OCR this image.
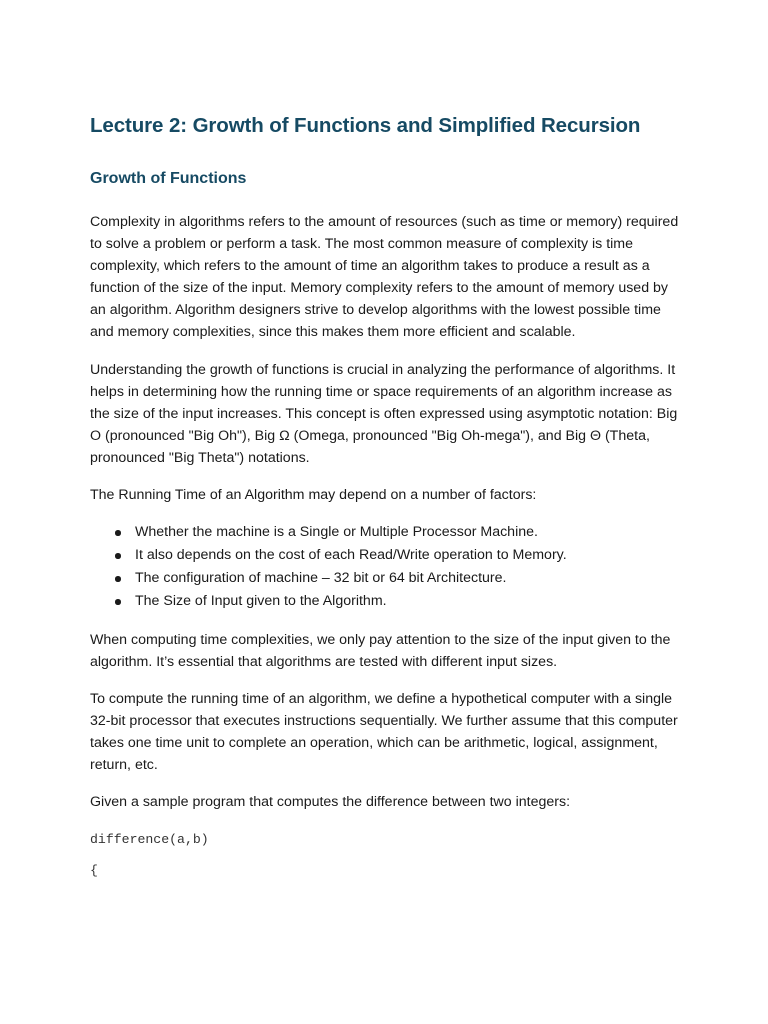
Lecture 2: Growth of Functions and Simplified Recursion
Growth of Functions

Complexity in algorithms refers to the amount of resources (such as time or memory) required to solve a problem or perform a task. The most common measure of complexity is time complexity, which refers to the amount of time an algorithm takes to produce a result as a function of the size of the input. Memory complexity refers to the amount of memory used by an algorithm. Algorithm designers strive to develop algorithms with the lowest possible time and memory complexities, since this makes them more efficient and scalable.

Understanding the growth of functions is crucial in analyzing the performance of algorithms. It helps in determining how the running time or space requirements of an algorithm increase as the size of the input increases. This concept is often expressed using asymptotic notation: Big O (pronounced "Big Oh"), Big Ω (Omega, pronounced "Big Oh-mega"), and Big Θ (Theta, pronounced "Big Theta") notations.

The Running Time of an Algorithm may depend on a number of factors:

Whether the machine is a Single or Multiple Processor Machine.
It also depends on the cost of each Read/Write operation to Memory.
The configuration of machine – 32 bit or 64 bit Architecture.
The Size of Input given to the Algorithm.

When computing time complexities, we only pay attention to the size of the input given to the algorithm. It’s essential that algorithms are tested with different input sizes.

To compute the running time of an algorithm, we define a hypothetical computer with a single 32-bit processor that executes instructions sequentially. We further assume that this computer takes one time unit to complete an operation, which can be arithmetic, logical, assignment, return, etc.

Given a sample program that computes the difference between two integers:

difference(a,b)
{
